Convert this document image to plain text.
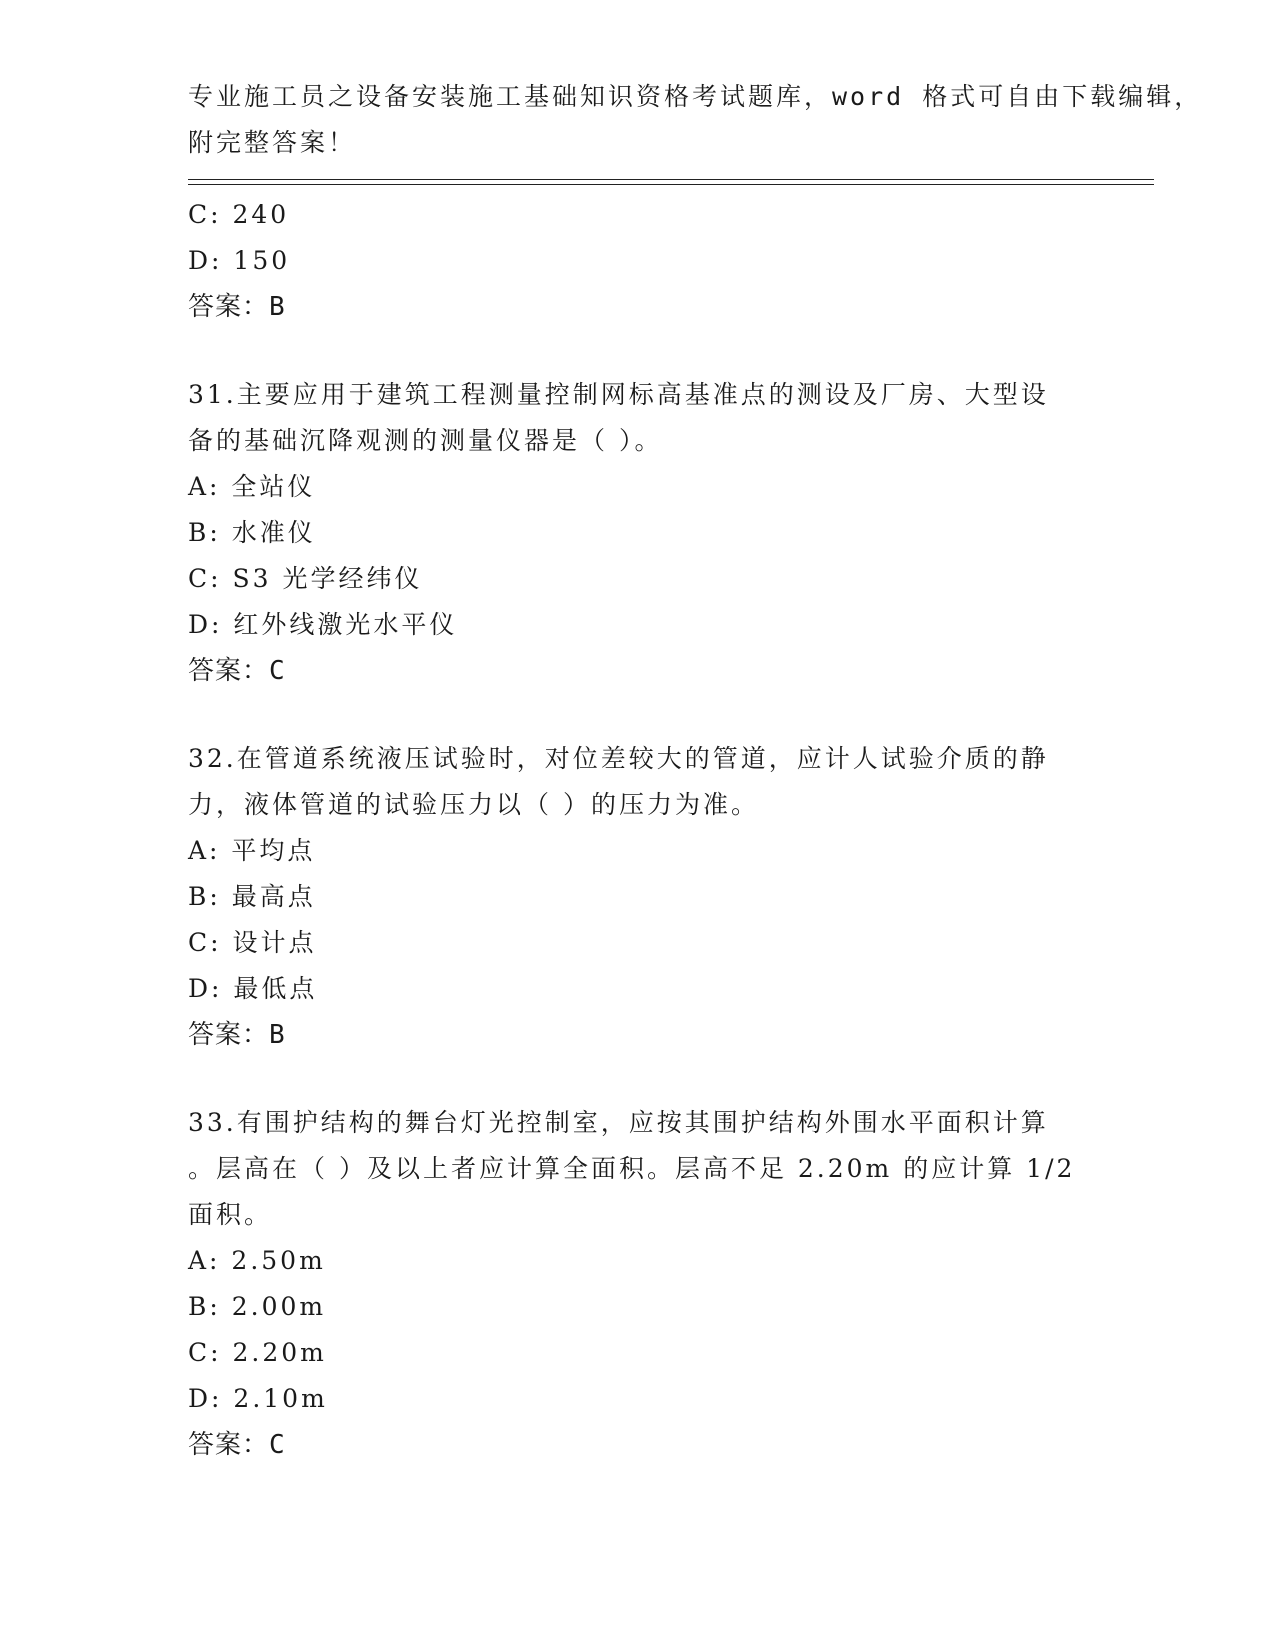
专业施工员之设备安装施工基础知识资格考试题库，word 格式可自由下载编辑，
附完整答案！
C: 240
D: 150
答案：B
31.主要应用于建筑工程测量控制网标高基准点的测设及厂房、大型设
备的基础沉降观测的测量仪器是（ ）。
A: 全站仪
B: 水准仪
C: S3 光学经纬仪
D: 红外线激光水平仪
答案：C
32.在管道系统液压试验时，对位差较大的管道，应计人试验介质的静
力，液体管道的试验压力以（ ）的压力为准。
A: 平均点
B: 最高点
C: 设计点
D: 最低点
答案：B
33.有围护结构的舞台灯光控制室，应按其围护结构外围水平面积计算
。层高在（ ）及以上者应计算全面积。层高不足 2.20m 的应计算 1/2
面积。
A: 2.50m
B: 2.00m
C: 2.20m
D: 2.10m
答案：C
